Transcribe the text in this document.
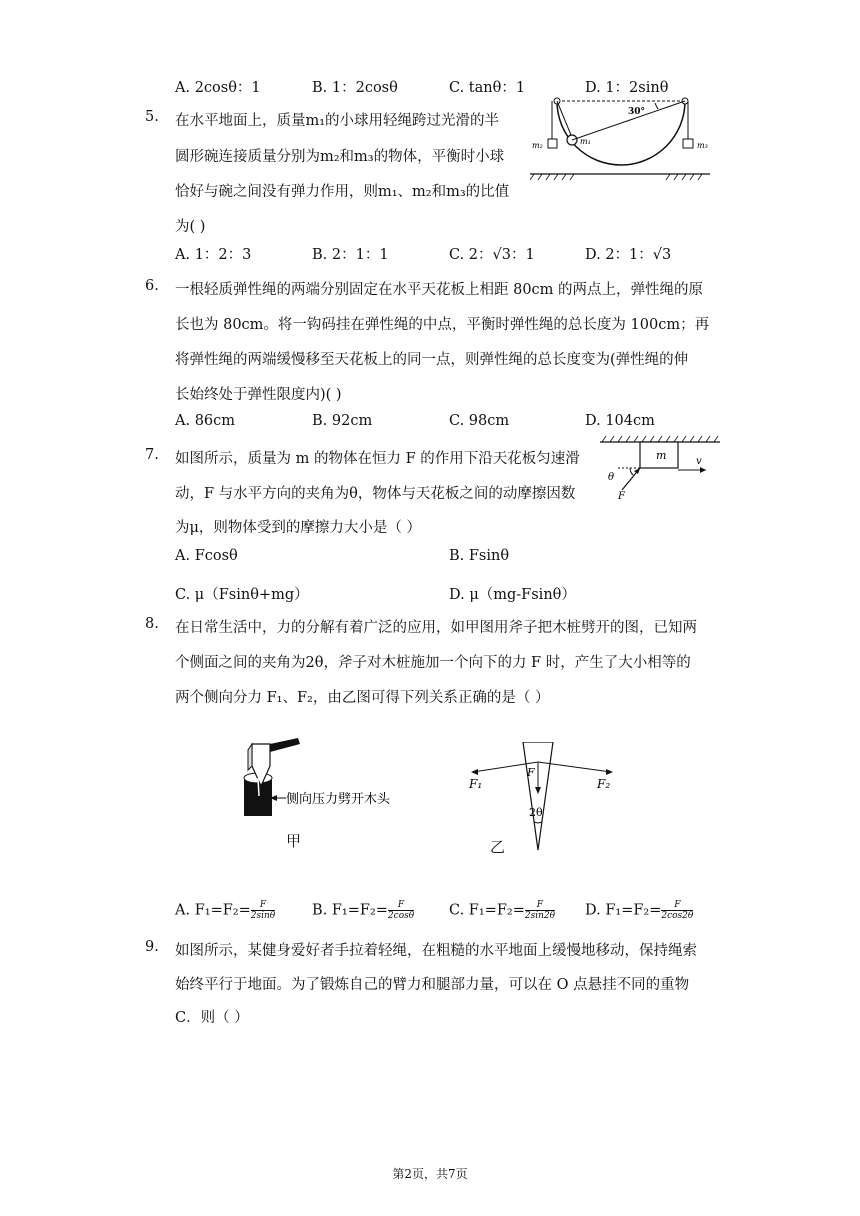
A. 2cosθ：1	B. 1：2cosθ	C. tanθ：1	D. 1：2sinθ
5. 在水平地面上，质量m₁的小球用轻绳跨过光滑的半
圆形碗连接质量分别为m₂和m₃的物体，平衡时小球
恰好与碗之间没有弹力作用，则m₁、m₂和m₃的比值
为( )
m₂	m₁	m₃
30°
A. 1：2：3	B. 2：1：1	C. 2：√3：1	D. 2：1：√3
6. 一根轻质弹性绳的两端分别固定在水平天花板上相距 80cm 的两点上，弹性绳的原
长也为 80cm。将一钩码挂在弹性绳的中点，平衡时弹性绳的总长度为 100cm；再
将弹性绳的两端缓慢移至天花板上的同一点，则弹性绳的总长度变为(弹性绳的伸
长始终处于弹性限度内)( )
A. 86cm	B. 92cm	C. 98cm	D. 104cm
7. 如图所示，质量为 m 的物体在恒力 F 的作用下沿天花板匀速滑
动，F 与水平方向的夹角为θ，物体与天花板之间的动摩擦因数
为μ，则物体受到的摩擦力大小是（ ）
m	v
θ
F
A. Fcosθ	B. Fsinθ
C. μ（Fsinθ+mg）	D. μ（mg-Fsinθ）
8. 在日常生活中，力的分解有着广泛的应用，如甲图用斧子把木桩劈开的图，已知两
个侧面之间的夹角为2θ，斧子对木桩施加一个向下的力 F 时，产生了大小相等的
两个侧向分力 F₁、F₂，由乙图可得下列关系正确的是（ ）
侧向压力劈开木头
甲
F
F₁	F₂
2θ
乙
A. $F_1=F_2= \frac{F}{2\sin\theta}$	B. $F_1=F_2= \frac{F}{2\cos\theta} C$. $F_1=F_2= \frac{F}{2\sin 2\theta} D$. $F_1=F_2= \frac{F}{2\cos 2\theta}$
9. 如图所示，某健身爱好者手拉着轻绳，在粗糙的水平地面上缓慢地移动，保持绳索
始终平行于地面。为了锻炼自己的臂力和腿部力量，可以在 O 点悬挂不同的重物
C．则（ ）
第2页，共7页
